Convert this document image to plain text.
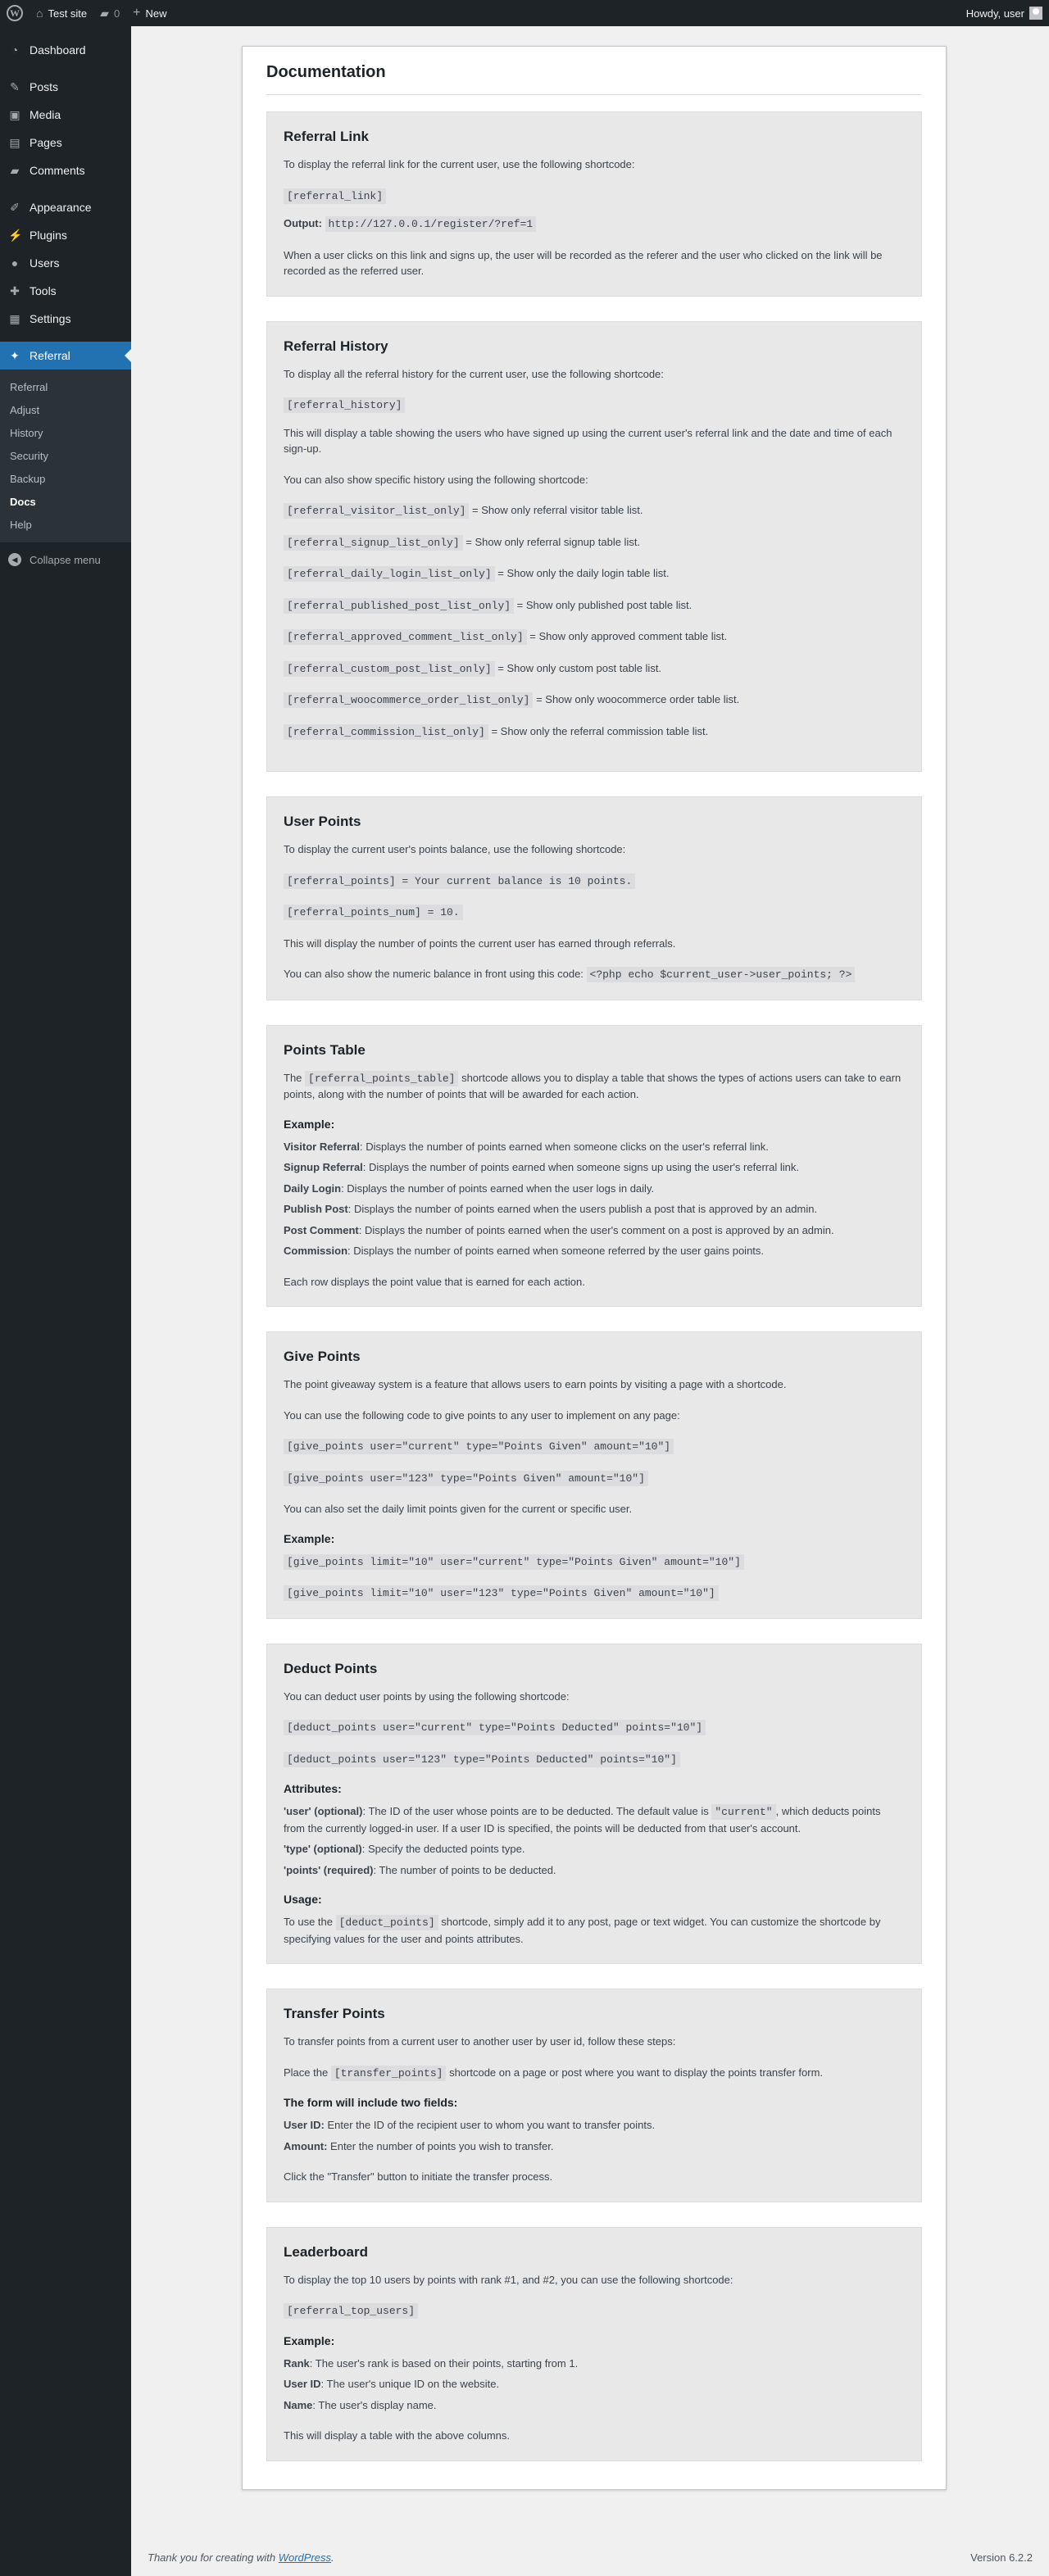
W ⌂ Test site ▰ 0 + New	Howdy, user
◔ Dashboard
✎ Posts
▣ Media
▤ Pages
▰ Comments
✐ Appearance
⚡ Plugins
● Users
✚ Tools
▦ Settings
✦ Referral
Referral
Adjust
History
Security
Backup
Docs
Help
◀	Collapse menu
Documentation
Referral Link

To display the referral link for the current user, use the following shortcode:

[referral_link]

Output: http://127.0.0.1/register/?ref=1

When a user clicks on this link and signs up, the user will be recorded as the referer and the user who clicked on the link will be recorded as the referred user.

Referral History

To display all the referral history for the current user, use the following shortcode:

[referral_history]

This will display a table showing the users who have signed up using the current user's referral link and the date and time of each sign-up.

You can also show specific history using the following shortcode:

[referral_visitor_list_only] = Show only referral visitor table list.

[referral_signup_list_only] = Show only referral signup table list.

[referral_daily_login_list_only] = Show only the daily login table list.

[referral_published_post_list_only] = Show only published post table list.

[referral_approved_comment_list_only] = Show only approved comment table list.

[referral_custom_post_list_only] = Show only custom post table list.

[referral_woocommerce_order_list_only] = Show only woocommerce order table list.

[referral_commission_list_only] = Show only the referral commission table list.

User Points

To display the current user's points balance, use the following shortcode:

[referral_points] = Your current balance is 10 points.

[referral_points_num] = 10.

This will display the number of points the current user has earned through referrals.

You can also show the numeric balance in front using this code: <?php echo $current_user->user_points; ?>

Points Table

The [referral_points_table] shortcode allows you to display a table that shows the types of actions users can take to earn points, along with the number of points that will be awarded for each action.

Example:

Visitor Referral: Displays the number of points earned when someone clicks on the user's referral link.

Signup Referral: Displays the number of points earned when someone signs up using the user's referral link.

Daily Login: Displays the number of points earned when the user logs in daily.

Publish Post: Displays the number of points earned when the users publish a post that is approved by an admin.

Post Comment: Displays the number of points earned when the user's comment on a post is approved by an admin.

Commission: Displays the number of points earned when someone referred by the user gains points.

Each row displays the point value that is earned for each action.

Give Points

The point giveaway system is a feature that allows users to earn points by visiting a page with a shortcode.

You can use the following code to give points to any user to implement on any page:

[give_points user="current" type="Points Given" amount="10"]

[give_points user="123" type="Points Given" amount="10"]

You can also set the daily limit points given for the current or specific user.

Example:

[give_points limit="10" user="current" type="Points Given" amount="10"]

[give_points limit="10" user="123" type="Points Given" amount="10"]

Deduct Points

You can deduct user points by using the following shortcode:

[deduct_points user="current" type="Points Deducted" points="10"]

[deduct_points user="123" type="Points Deducted" points="10"]

Attributes:

'user' (optional): The ID of the user whose points are to be deducted. The default value is "current" , which deducts points from the currently logged-in user. If a user ID is specified, the points will be deducted from that user's account.

'type' (optional): Specify the deducted points type.

'points' (required): The number of points to be deducted.

Usage:

To use the [deduct_points] shortcode, simply add it to any post, page or text widget. You can customize the shortcode by specifying values for the user and points attributes.

Transfer Points

To transfer points from a current user to another user by user id, follow these steps:

Place the [transfer_points] shortcode on a page or post where you want to display the points transfer form.

The form will include two fields:

User ID: Enter the ID of the recipient user to whom you want to transfer points.

Amount: Enter the number of points you wish to transfer.

Click the "Transfer" button to initiate the transfer process.

Leaderboard

To display the top 10 users by points with rank #1, and #2, you can use the following shortcode:

[referral_top_users]

Example:

Rank: The user's rank is based on their points, starting from 1.

User ID: The user's unique ID on the website.

Name: The user's display name.

This will display a table with the above columns.

Thank you for creating with WordPress.	Version 6.2.2
